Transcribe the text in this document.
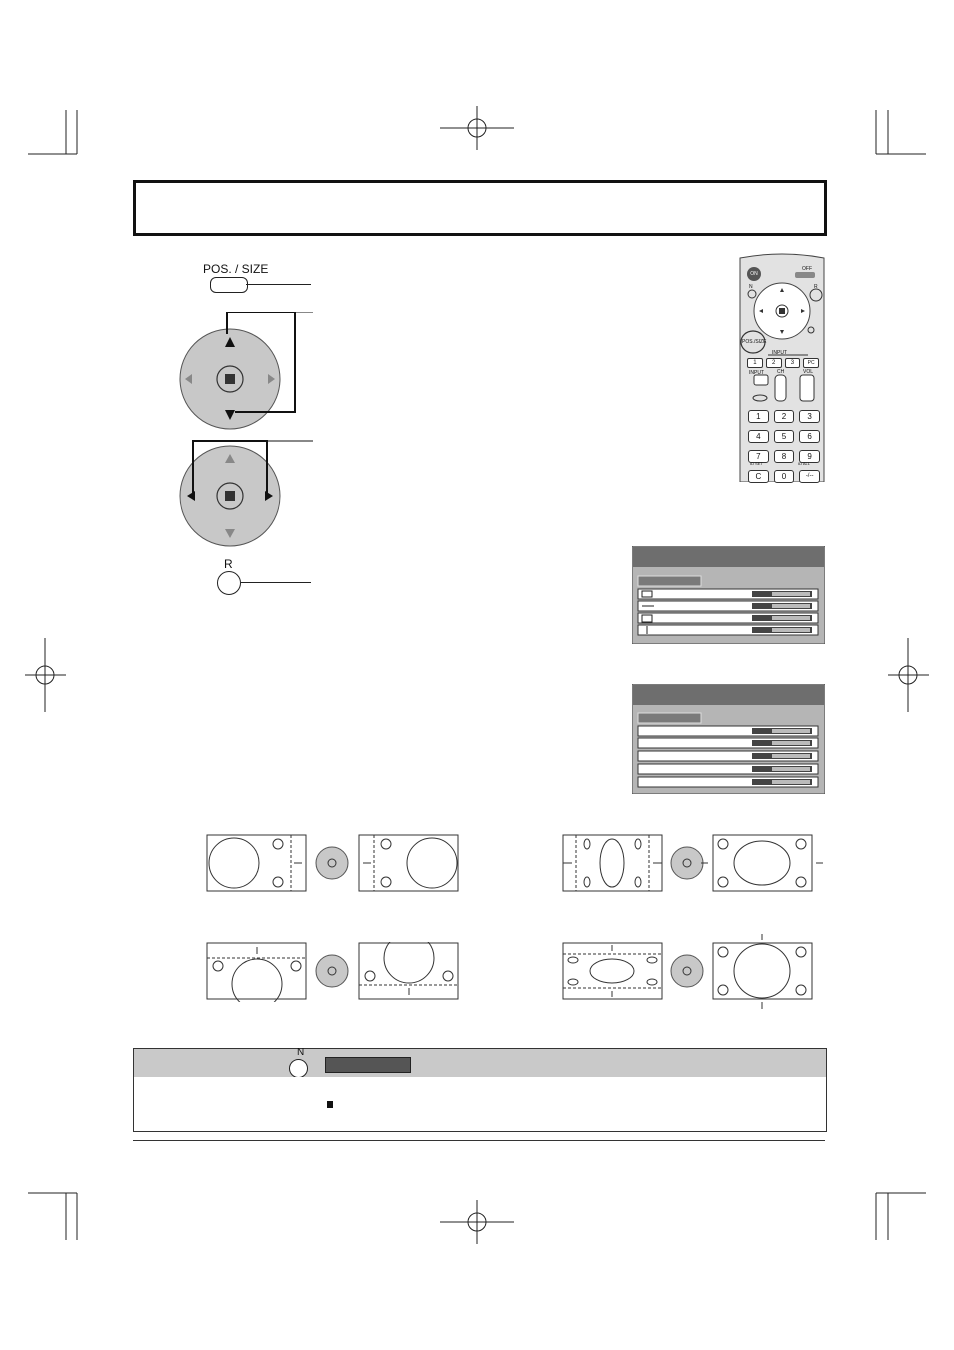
POS. / SIZE
R
ON
OFF
N	R
POS./SIZE
INPUT
1	2	3	PC
INPUT	CH	VOL
1	2	3
4	5	6
7	8	9
C	0	-/--
ID SET	ID ALL
N
